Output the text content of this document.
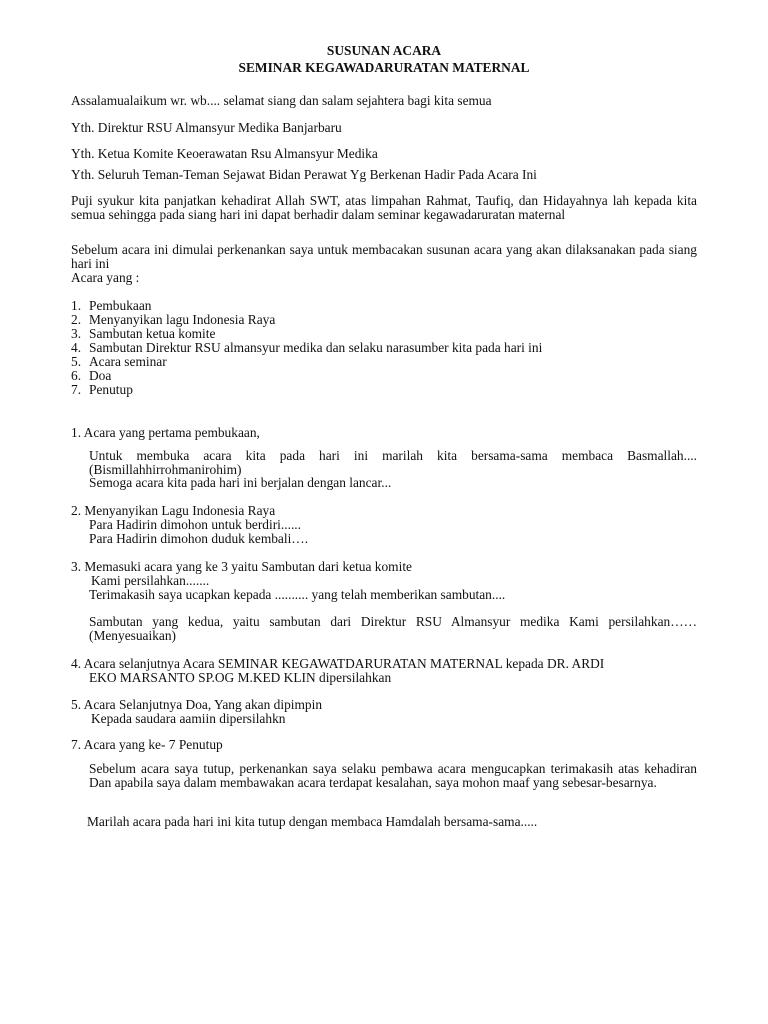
SUSUNAN ACARA
SEMINAR KEGAWADARURATAN MATERNAL
Assalamualaikum wr. wb.... selamat siang dan salam sejahtera bagi kita semua
Yth. Direktur RSU Almansyur Medika Banjarbaru
Yth. Ketua Komite Keoerawatan Rsu Almansyur Medika
Yth. Seluruh Teman-Teman Sejawat Bidan Perawat Yg Berkenan Hadir Pada Acara Ini
Puji syukur kita panjatkan kehadirat Allah SWT, atas limpahan Rahmat, Taufiq, dan Hidayahnya lah kepada kita semua sehingga pada siang hari ini dapat berhadir dalam seminar kegawadaruratan maternal
Sebelum acara ini dimulai perkenankan saya untuk membacakan susunan acara yang akan dilaksanakan pada siang hari ini
Acara yang :
1. Pembukaan
2. Menyanyikan lagu Indonesia Raya
3. Sambutan ketua komite
4. Sambutan Direktur RSU almansyur medika dan selaku narasumber kita pada hari ini
5. Acara seminar
6. Doa
7. Penutup
1. Acara yang pertama pembukaan,
Untuk membuka acara kita pada hari ini marilah kita bersama-sama membaca Basmallah.... (Bismillahhirrohmanirohim)
Semoga acara kita pada hari ini berjalan dengan lancar...
2. Menyanyikan Lagu Indonesia Raya
Para Hadirin dimohon untuk berdiri......
Para Hadirin dimohon duduk kembali….
3. Memasuki acara yang ke 3 yaitu Sambutan dari ketua komite
Kami persilahkan.......
Terimakasih saya ucapkan kepada .......... yang telah memberikan sambutan....
Sambutan yang kedua, yaitu sambutan dari Direktur RSU Almansyur medika Kami persilahkan…… (Menyesuaikan)
4. Acara selanjutnya Acara SEMINAR KEGAWATDARURATAN MATERNAL kepada DR. ARDI
EKO MARSANTO SP.OG M.KED KLIN dipersilahkan
5. Acara Selanjutnya Doa, Yang akan dipimpin
Kepada saudara aamiin dipersilahkn
7. Acara yang ke- 7 Penutup
Sebelum acara saya tutup, perkenankan saya selaku pembawa acara mengucapkan terimakasih atas kehadiran Dan apabila saya dalam membawakan acara terdapat kesalahan, saya mohon maaf yang sebesar-besarnya.
Marilah acara pada hari ini kita tutup dengan membaca Hamdalah bersama-sama.....
